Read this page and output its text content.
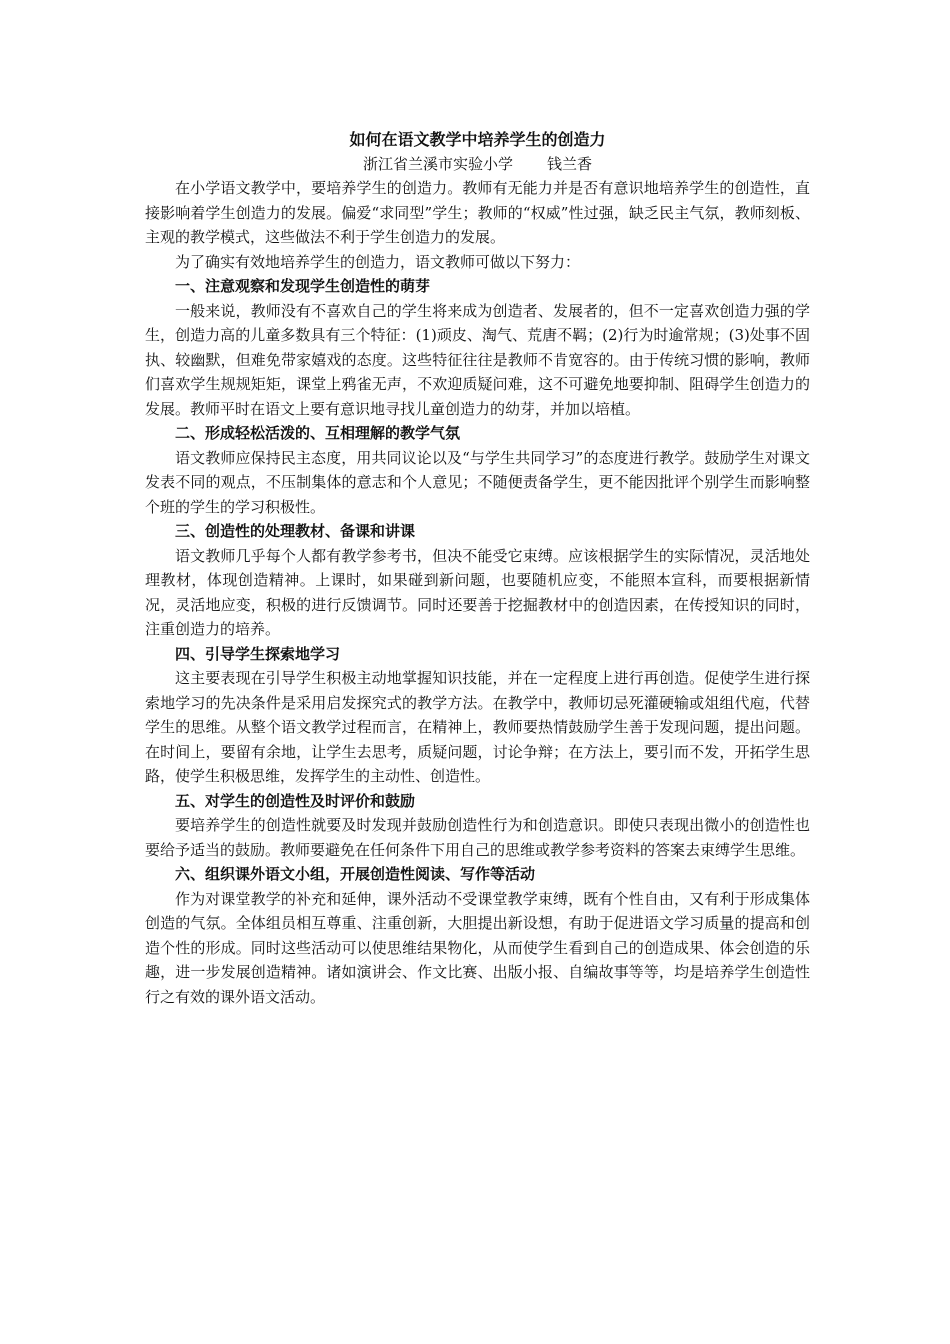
如何在语文教学中培养学生的创造力
浙江省兰溪市实验小学 钱兰香

在小学语文教学中，要培养学生的创造力。教师有无能力并是否有意识地培养学生的创造性，直接影响着学生创造力的发展。偏爱“求同型”学生；教师的“权威”性过强，缺乏民主气氛，教师刻板、主观的教学模式，这些做法不利于学生创造力的发展。

为了确实有效地培养学生的创造力，语文教师可做以下努力：

一、注意观察和发现学生创造性的萌芽

一般来说，教师没有不喜欢自己的学生将来成为创造者、发展者的，但不一定喜欢创造力强的学生，创造力高的儿童多数具有三个特征：(1)顽皮、淘气、荒唐不羁；(2)行为时逾常规；(3)处事不固执、较幽默，但难免带家嬉戏的态度。这些特征往往是教师不肯宽容的。由于传统习惯的影响，教师们喜欢学生规规矩矩，课堂上鸦雀无声，不欢迎质疑问难，这不可避免地要抑制、阻碍学生创造力的发展。教师平时在语文上要有意识地寻找儿童创造力的幼芽，并加以培植。

二、形成轻松活泼的、互相理解的教学气氛

语文教师应保持民主态度，用共同议论以及“与学生共同学习”的态度进行教学。鼓励学生对课文发表不同的观点，不压制集体的意志和个人意见；不随便责备学生，更不能因批评个别学生而影响整个班的学生的学习积极性。

三、创造性的处理教材、备课和讲课

语文教师几乎每个人都有教学参考书，但决不能受它束缚。应该根据学生的实际情况，灵活地处理教材，体现创造精神。上课时，如果碰到新问题，也要随机应变，不能照本宣科，而要根据新情况，灵活地应变，积极的进行反馈调节。同时还要善于挖掘教材中的创造因素，在传授知识的同时，注重创造力的培养。

四、引导学生探索地学习

这主要表现在引导学生积极主动地掌握知识技能，并在一定程度上进行再创造。促使学生进行探索地学习的先决条件是采用启发探究式的教学方法。在教学中，教师切忌死灌硬输或俎组代庖，代替学生的思维。从整个语文教学过程而言，在精神上，教师要热情鼓励学生善于发现问题，提出问题。在时间上，要留有余地，让学生去思考，质疑问题，讨论争辩；在方法上，要引而不发，开拓学生思路，使学生积极思维，发挥学生的主动性、创造性。

五、对学生的创造性及时评价和鼓励

要培养学生的创造性就要及时发现并鼓励创造性行为和创造意识。即使只表现出微小的创造性也要给予适当的鼓励。教师要避免在任何条件下用自己的思维或教学参考资料的答案去束缚学生思维。

六、组织课外语文小组，开展创造性阅读、写作等活动

作为对课堂教学的补充和延伸，课外活动不受课堂教学束缚，既有个性自由，又有利于形成集体创造的气氛。全体组员相互尊重、注重创新，大胆提出新设想，有助于促进语文学习质量的提高和创造个性的形成。同时这些活动可以使思维结果物化，从而使学生看到自己的创造成果、体会创造的乐趣，进一步发展创造精神。诸如演讲会、作文比赛、出版小报、自编故事等等，均是培养学生创造性行之有效的课外语文活动。
